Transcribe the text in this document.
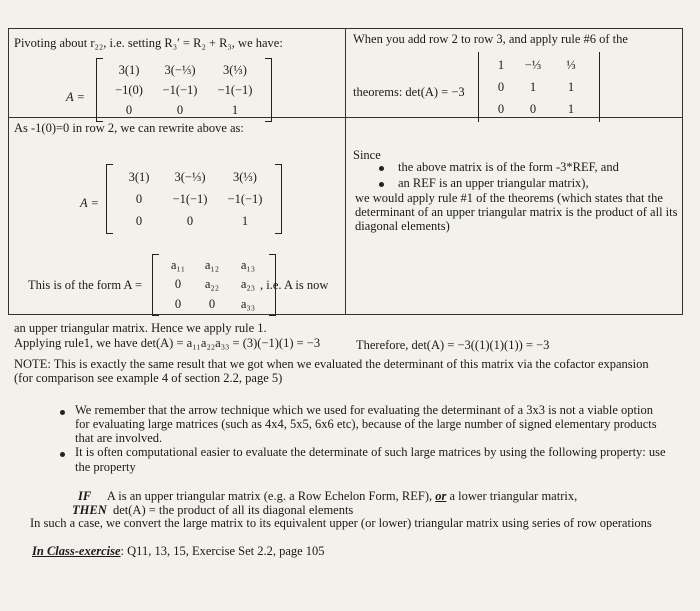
Pivoting about r₂₂, i.e. setting R₃′ = R₂ + R₃, we have:
A =
3(1)	3(−⅓)	3(⅓)
−1(0)	−1(−1)	−1(−1)
0	0	1
When you add row 2 to row 3, and apply rule #6 of the
theorems: det(A) = −3
1	−⅓	⅓
0	1	1
0	0	1
As -1(0)=0 in row 2, we can rewrite above as:
A =
3(1)	3(−⅓)	3(⅓)
0	−1(−1)	−1(−1)
0	0	1
This is of the form A =
a₁₁	a₁₂	a₁₃
0	a₂₂	a₂₃
0	0	a₃₃
, i.e. A is now
an upper triangular matrix. Hence we apply rule 1.
Applying rule1, we have det(A) = a₁₁a₂₂a₃₃ = (3)(−1)(1) = −3
Since
the above matrix is of the form -3*REF, and
an REF is an upper triangular matrix),
we would apply rule #1 of the theorems (which states that the
determinant of an upper triangular matrix is the product of all its
diagonal elements)
Therefore, det(A) = −3((1)(1)(1)) = −3
NOTE: This is exactly the same result that we got when we evaluated the determinant of this matrix via the cofactor expansion
(for comparison see example 4 of section 2.2, page 5)
We remember that the arrow technique which we used for evaluating the determinant of a 3x3 is not a viable option
for evaluating large matrices (such as 4x4, 5x5, 6x6 etc), because of the large number of signed elementary products
that are involved.
It is often computational easier to evaluate the determinate of such large matrices by using the following property: use
the property
IF A is an upper triangular matrix (e.g. a Row Echelon Form, REF), or a lower triangular matrix,
THEN det(A) = the product of all its diagonal elements
In such a case, we convert the large matrix to its equivalent upper (or lower) triangular matrix using series of row operations
In Class-exercise: Q11, 13, 15, Exercise Set 2.2, page 105
